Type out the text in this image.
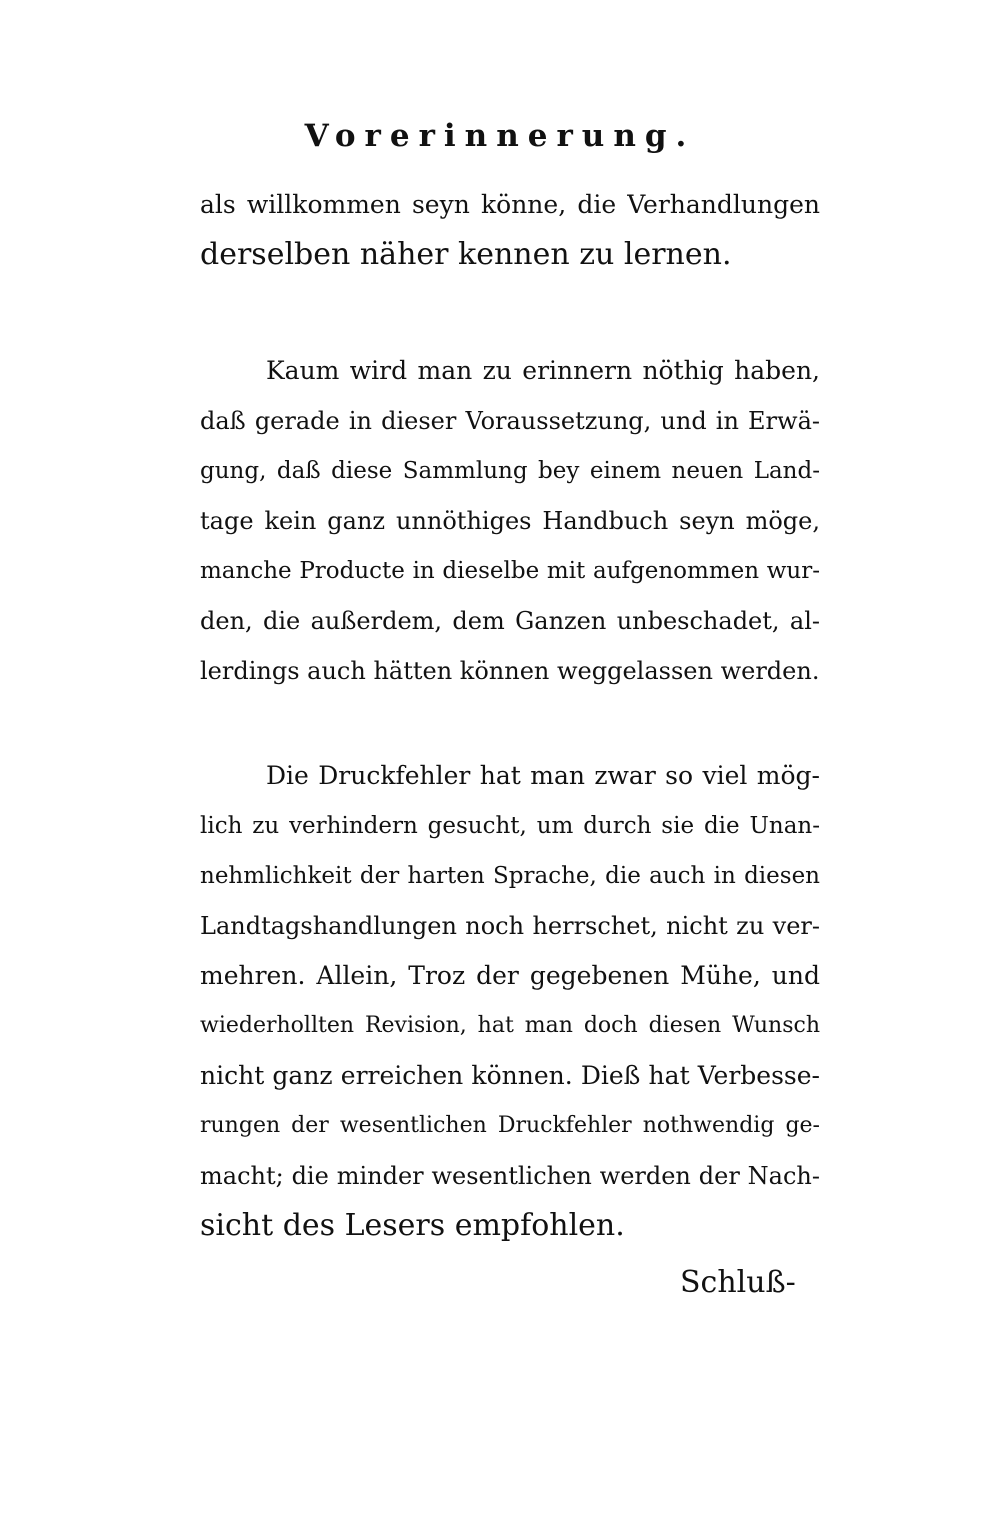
Vorerinnerung.
als willkommen seyn könne, die Verhandlungen
derselben näher kennen zu lernen.
Kaum wird man zu erinnern nöthig haben,
daß gerade in dieser Voraussetzung, und in Erwä-
gung, daß diese Sammlung bey einem neuen Land-
tage kein ganz unnöthiges Handbuch seyn möge,
manche Producte in dieselbe mit aufgenommen wur-
den, die außerdem, dem Ganzen unbeschadet, al-
lerdings auch hätten können weggelassen werden.
Die Druckfehler hat man zwar so viel mög-
lich zu verhindern gesucht, um durch sie die Unan-
nehmlichkeit der harten Sprache, die auch in diesen
Landtagshandlungen noch herrschet, nicht zu ver-
mehren. Allein, Troz der gegebenen Mühe, und
wiederhollten Revision, hat man doch diesen Wunsch
nicht ganz erreichen können. Dieß hat Verbesse-
rungen der wesentlichen Druckfehler nothwendig ge-
macht; die minder wesentlichen werden der Nach-
sicht des Lesers empfohlen.
Schluß-
